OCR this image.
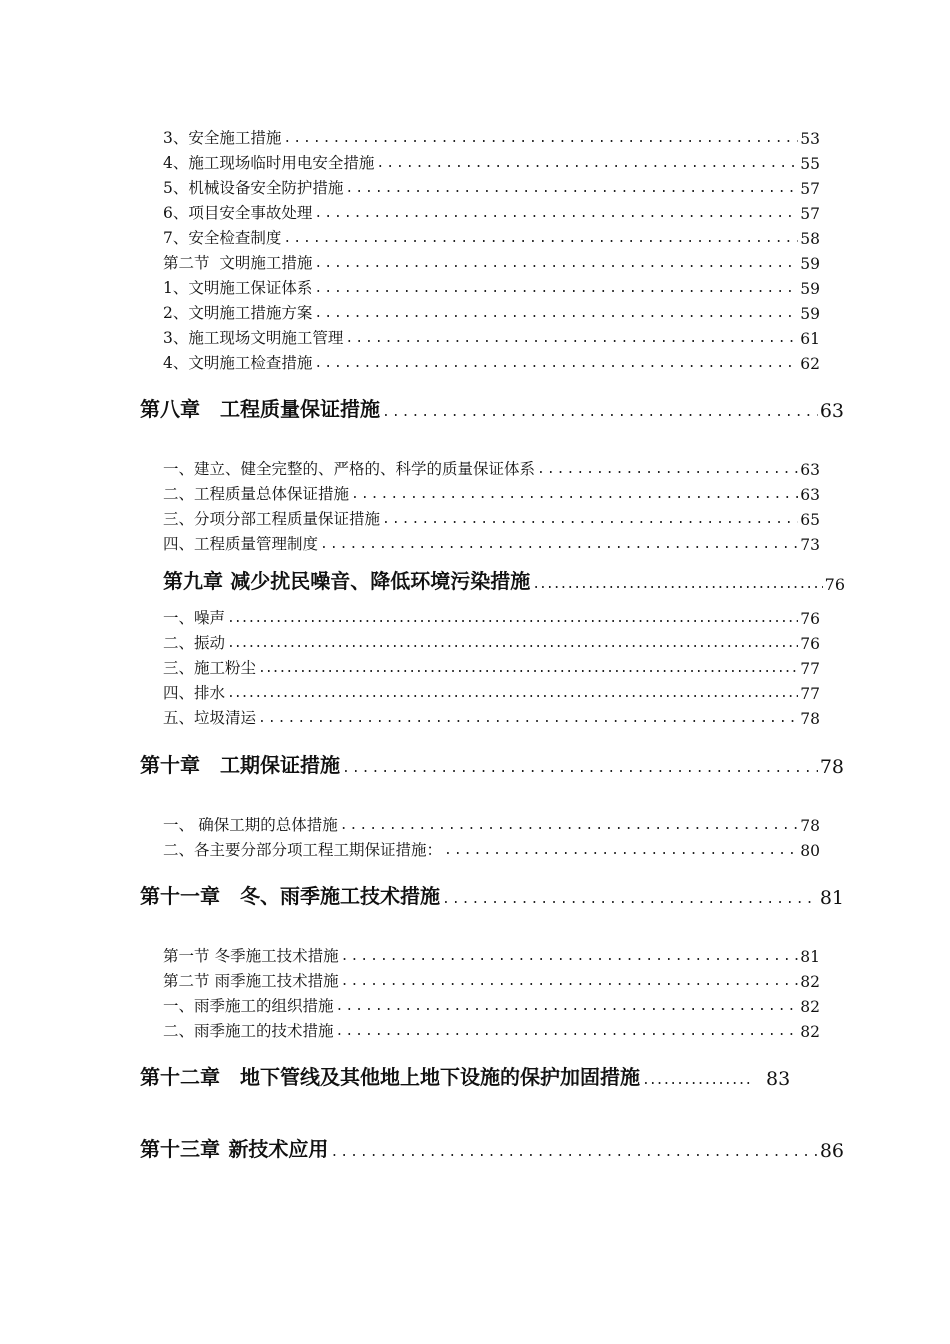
3、安全施工措施 .....	53
4、施工现场临时用电安全措施 .....	55
5、机械设备安全防护措施 .....	57
6、项目安全事故处理 .....	57
7、安全检查制度 .....	58
第二节 文明施工措施 .....	59
1、文明施工保证体系 .....	59
2、文明施工措施方案 .....	59
3、施工现场文明施工管理 .....	61
4、文明施工检查措施 .....	62
第八章　工程质量保证措施 .....	63
一、建立、健全完整的、严格的、科学的质量保证体系 .....	63
二、工程质量总体保证措施 .....	63
三、分项分部工程质量保证措施 .....	65
四、工程质量管理制度 .....	73
第九章 减少扰民噪音、降低环境污染措施 .....	76
一、噪声 .....	76
二、振动 .....	76
三、施工粉尘 .....	77
四、排水 .....	77
五、垃圾清运 .....	78
第十章　工期保证措施 .....	78
一、 确保工期的总体措施 .....	78
二、各主要分部分项工程工期保证措施： .....	80
第十一章　冬、雨季施工技术措施 .....	81
第一节 冬季施工技术措施 .....	81
第二节 雨季施工技术措施 .....	82
一、雨季施工的组织措施 .....	82
二、雨季施工的技术措施 .....	82
第十二章　地下管线及其他地上地下设施的保护加固措施 .....	83
第十三章 新技术应用 .....	86
